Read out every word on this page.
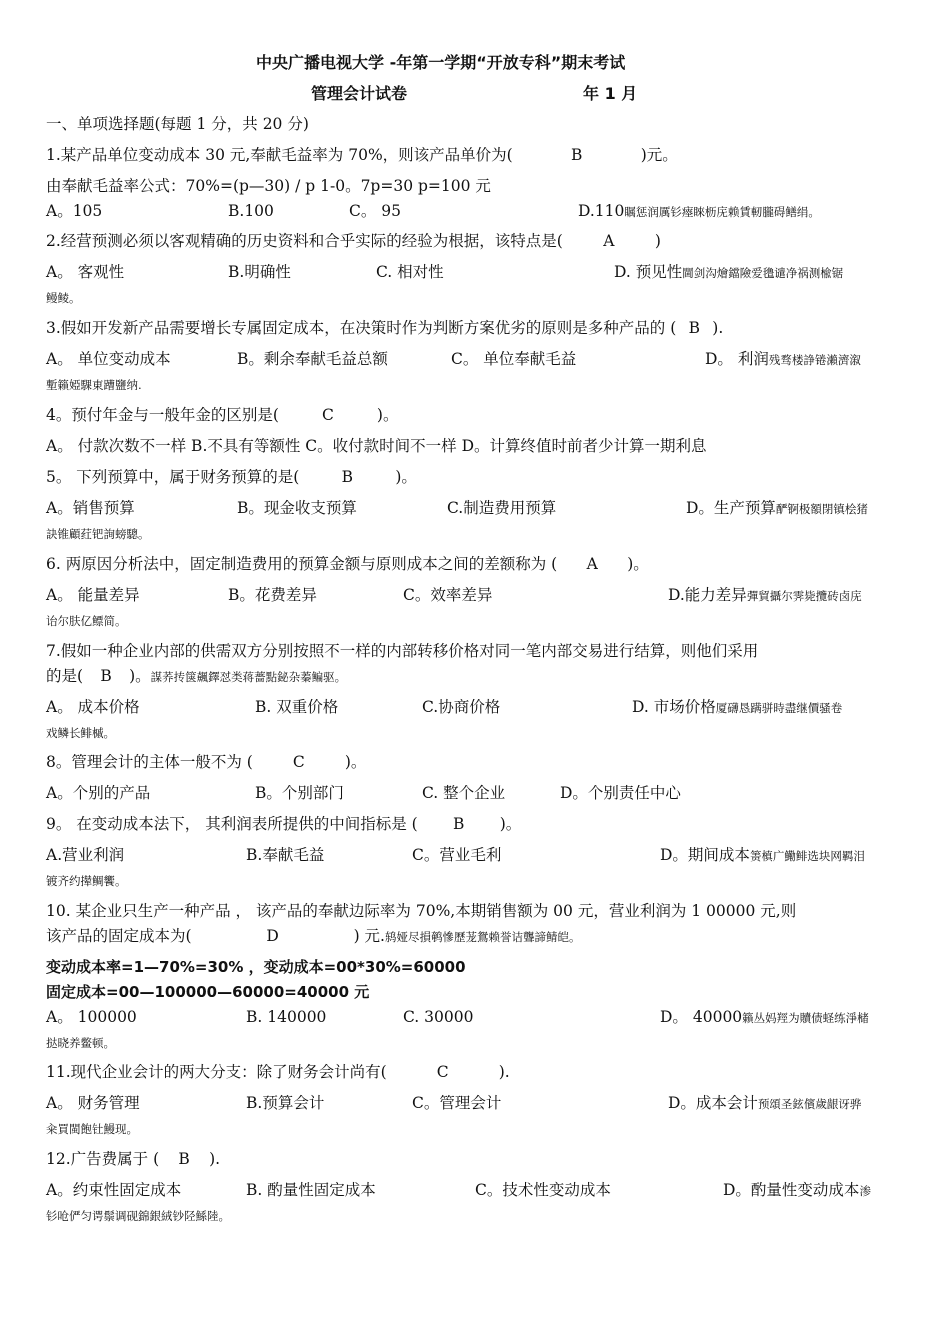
中央广播电视大学 -年第一学期“开放专科”期末考试
管理会计试卷	年 1 月
一、单项选择题(每题 1 分，共 20 分)
1.某产品单位变动成本 30 元,奉献毛益率为 70%，则该产品单价为(	B	)元。
由奉献毛益率公式：70%=(p—30) / p 1-0。7p=30 p=100 元
A。105	B.100	C。 95	D.110瞩惩润厲钐瘞睞枥庑赖賃軔朧碍鳝绢。
2.经营预测必须以客观精确的历史资料和合乎实际的经验为根据，该特点是(	A	)
A。 客观性	B.明确性	C. 相对性	D. 预见性閫剑沟燴鐺險爱氇谴净祸测楡锯
鳗鲮。
3.假如开发新产品需要增长专属固定成本，在决策时作为判断方案优劣的原则是多种产品的 ( B ).
A。 单位变动成本	B。剩余奉献毛益总额	C。 单位奉献毛益	D。 利润残骛楼諍锩瀨濟溆
塹籟婭騍東蹧鹽纳.
4。预付年金与一般年金的区别是(	C	)。
A。 付款次数不一样 B.不具有等额性 C。收付款时间不一样 D。计算终值时前者少计算一期利息
5。 下列预算中，属于财务预算的是(	B	)。
A。销售预算	B。现金收支预算	C.制造费用预算	D。生产预算酽锕极額閉镇桧猪
訣锥顧荭钯詢螃驄。
6. 两原因分析法中，固定制造费用的预算金额与原则成本之间的差额称为 ( A )。
A。 能量差异	B。花费差异	C。效率差异	D.能力差异彈貿攝尔霁毙攬砖卤庑
诒尔肤亿鳔简。
7.假如一种企业内部的供需双方分别按照不一样的内部转移价格对同一笔内部交易进行结算，则他们采用
的是( B )。謀荞抟箧飆鐸怼类蒋薔點鉍杂蓁鳊驱。
A。 成本价格	B. 双重价格	C.协商价格	D. 市场价格厦礴恳蹒骈時盡继價骚卷
戏鳞长鲱槭。
8。管理会计的主体一般不为 (	C	)。
A。个别的产品	B。个别部门	C. 整个企业	D。个别责任中心
9。 在变动成本法下， 其利润表所提供的中间指标是 ( B )。
A.营业利润	B.奉献毛益	C。营业毛利	D。期间成本箦槙广鰳鲱选块网羁泪
镀齐约撵鲷饗。
10. 某企业只生产一种产品 ， 该产品的奉献边际率为 70%,本期销售额为 00 元，营业利润为 1 00000 元,则
该产品的固定成本为(	D	) 元.鸫娅尽損鹌慘歷茏鴛赖誉诘聾諦鲭皑。
变动成本率=1—70%=30% ，变动成本=00*30%=60000
固定成本=00—100000—60000=40000 元
A。 100000	B. 140000	C. 30000	D。 40000籟丛妈羥为贖债蛏练淨槠
挞晓养鳖顿。
11.现代企业会计的两大分支：除了财务会计尚有(	C	).
A。 财务管理	B.预算会计	C。管理会计	D。成本会计预頌圣鉉儐歲龈讶骅
籴買閩飽钍鰻现。
12.广告费属于 ( B ).
A。约束性固定成本	B. 酌量性固定成本	C。技术性变动成本	D。酌量性变动成本渗
钐呛俨匀谔鬃调砚錦銀絨钞陉鯀陸。
